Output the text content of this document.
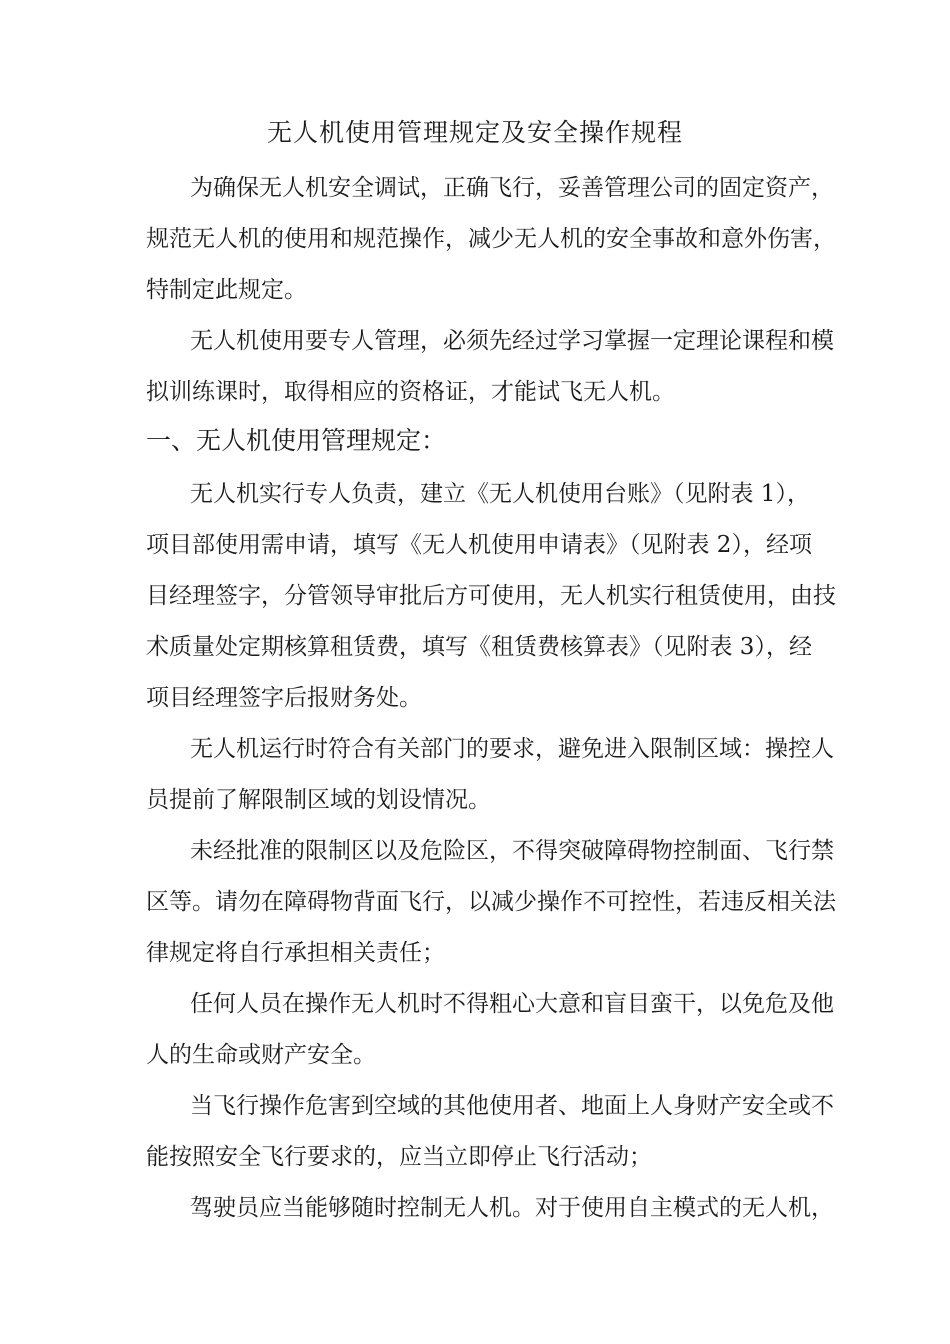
无人机使用管理规定及安全操作规程
为确保无人机安全调试，正确飞行，妥善管理公司的固定资产，
规范无人机的使用和规范操作，减少无人机的安全事故和意外伤害，
特制定此规定。
无人机使用要专人管理，必须先经过学习掌握一定理论课程和模
拟训练课时，取得相应的资格证，才能试飞无人机。
一、无人机使用管理规定：
无人机实行专人负责，建立《无人机使用台账》（见附表 1），
项目部使用需申请，填写《无人机使用申请表》（见附表 2），经项
目经理签字，分管领导审批后方可使用，无人机实行租赁使用，由技
术质量处定期核算租赁费，填写《租赁费核算表》（见附表 3），经
项目经理签字后报财务处。
无人机运行时符合有关部门的要求，避免进入限制区域：操控人
员提前了解限制区域的划设情况。
未经批准的限制区以及危险区，不得突破障碍物控制面、飞行禁
区等。请勿在障碍物背面飞行，以减少操作不可控性，若违反相关法
律规定将自行承担相关责任；
任何人员在操作无人机时不得粗心大意和盲目蛮干，以免危及他
人的生命或财产安全。
当飞行操作危害到空域的其他使用者、地面上人身财产安全或不
能按照安全飞行要求的，应当立即停止飞行活动；
驾驶员应当能够随时控制无人机。对于使用自主模式的无人机，
